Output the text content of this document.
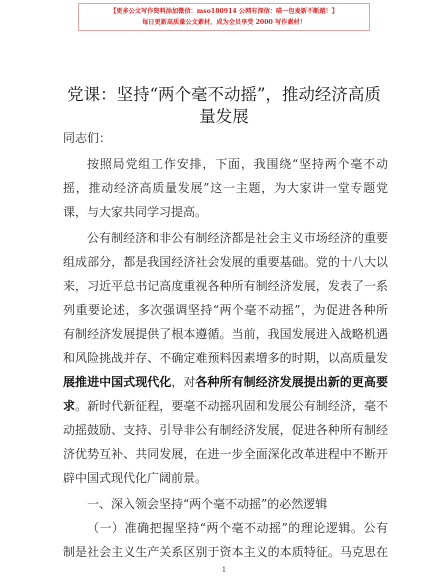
【更多公文写作资料添加微信：mso180914 公网有深信：喵一包麦新不断越！】
每日更新高质量公文素材，成为会员享受 2000 写作素材！
党课：坚持“两个毫不动摇”，推动经济高质
量发展
同志们：
按照局党组工作安排，下面，我围绕“坚持两个毫不动
摇，推动经济高质量发展”这一主题，为大家讲一堂专题党
课，与大家共同学习提高。
公有制经济和非公有制经济都是社会主义市场经济的重要
组成部分，都是我国经济社会发展的重要基础。党的十八大以
来，习近平总书记高度重视各种所有制经济发展，发表了一系
列重要论述，多次强调坚持“两个毫不动摇”，为促进各种所
有制经济发展提供了根本遵循。当前，我国发展进入战略机遇
和风险挑战并存、不确定难预料因素增多的时期，以高质量发
展推进中国式现代化，对各种所有制经济发展提出新的更高要
求。新时代新征程，要毫不动摇巩固和发展公有制经济，毫不
动摇鼓励、支持、引导非公有制经济发展，促进各种所有制经
济优势互补、共同发展，在进一步全面深化改革进程中不断开
辟中国式现代化广阔前景。
一、深入领会坚持“两个毫不动摇”的必然逻辑
（一）准确把握坚持“两个毫不动摇”的理论逻辑。公有
制是社会主义生产关系区别于资本主义的本质特征。马克思在
1
